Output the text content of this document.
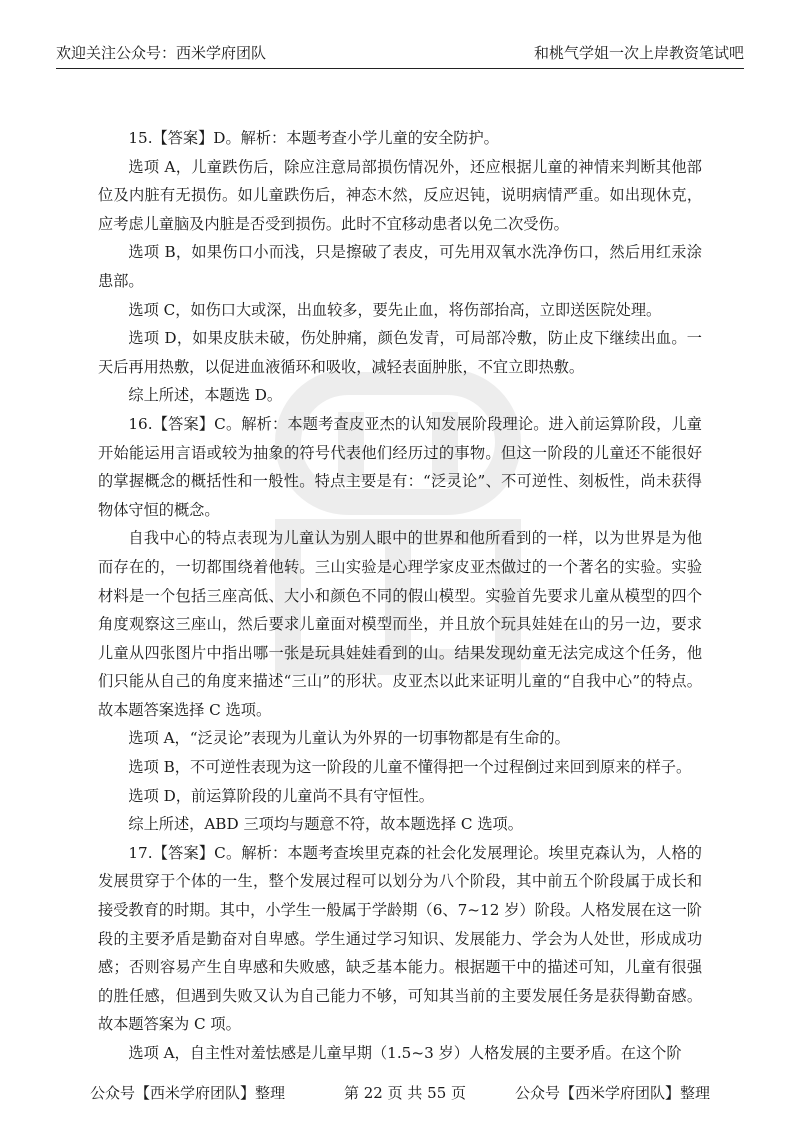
欢迎关注公众号：西米学府团队	和桃气学姐一次上岸教资笔试吧

15.【答案】D。解析：本题考查小学儿童的安全防护。

选项 A，儿童跌伤后，除应注意局部损伤情况外，还应根据儿童的神情来判断其他部位及内脏有无损伤。如儿童跌伤后，神态木然，反应迟钝，说明病情严重。如出现休克，应考虑儿童脑及内脏是否受到损伤。此时不宜移动患者以免二次受伤。

选项 B，如果伤口小而浅，只是擦破了表皮，可先用双氧水洗净伤口，然后用红汞涂患部。

选项 C，如伤口大或深，出血较多，要先止血，将伤部抬高，立即送医院处理。

选项 D，如果皮肤未破，伤处肿痛，颜色发青，可局部冷敷，防止皮下继续出血。一天后再用热敷，以促进血液循环和吸收，减轻表面肿胀，不宜立即热敷。

综上所述，本题选 D。

16.【答案】C。解析：本题考查皮亚杰的认知发展阶段理论。进入前运算阶段，儿童开始能运用言语或较为抽象的符号代表他们经历过的事物。但这一阶段的儿童还不能很好的掌握概念的概括性和一般性。特点主要是有：“泛灵论”、不可逆性、刻板性，尚未获得物体守恒的概念。

自我中心的特点表现为儿童认为别人眼中的世界和他所看到的一样，以为世界是为他而存在的，一切都围绕着他转。三山实验是心理学家皮亚杰做过的一个著名的实验。实验材料是一个包括三座高低、大小和颜色不同的假山模型。实验首先要求儿童从模型的四个角度观察这三座山，然后要求儿童面对模型而坐，并且放个玩具娃娃在山的另一边，要求儿童从四张图片中指出哪一张是玩具娃娃看到的山。结果发现幼童无法完成这个任务，他们只能从自己的角度来描述“三山”的形状。皮亚杰以此来证明儿童的“自我中心”的特点。故本题答案选择 C 选项。

选项 A，“泛灵论”表现为儿童认为外界的一切事物都是有生命的。

选项 B，不可逆性表现为这一阶段的儿童不懂得把一个过程倒过来回到原来的样子。

选项 D，前运算阶段的儿童尚不具有守恒性。

综上所述，ABD 三项均与题意不符，故本题选择 C 选项。

17.【答案】C。解析：本题考查埃里克森的社会化发展理论。埃里克森认为，人格的发展贯穿于个体的一生，整个发展过程可以划分为八个阶段，其中前五个阶段属于成长和接受教育的时期。其中，小学生一般属于学龄期（6、7~12 岁）阶段。人格发展在这一阶段的主要矛盾是勤奋对自卑感。学生通过学习知识、发展能力、学会为人处世，形成成功感；否则容易产生自卑感和失败感，缺乏基本能力。根据题干中的描述可知，儿童有很强的胜任感，但遇到失败又认为自己能力不够，可知其当前的主要发展任务是获得勤奋感。故本题答案为 C 项。

选项 A，自主性对羞怯感是儿童早期（1.5~3 岁）人格发展的主要矛盾。在这个阶

公众号【西米学府团队】整理	第 22 页 共 55 页	公众号【西米学府团队】整理
